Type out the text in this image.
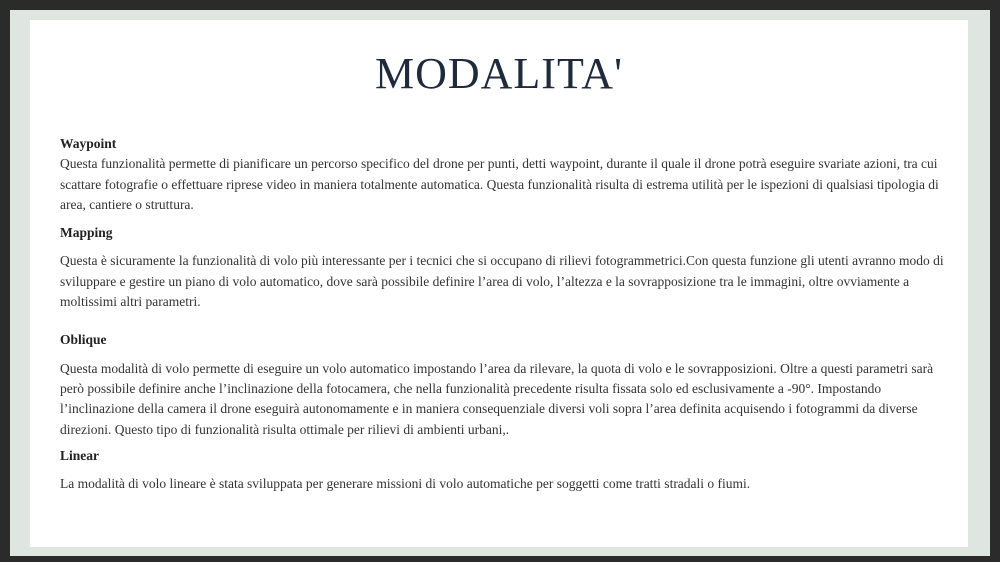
MODALITA'

Waypoint

Questa funzionalità permette di pianificare un percorso specifico del drone per punti, detti waypoint, durante il quale il drone potrà eseguire svariate azioni, tra cui scattare fotografie o effettuare riprese video in maniera totalmente automatica. Questa funzionalità risulta di estrema utilità per le ispezioni di qualsiasi tipologia di area, cantiere o struttura.

Mapping

Questa è sicuramente la funzionalità di volo più interessante per i tecnici che si occupano di rilievi fotogrammetrici.Con questa funzione gli utenti avranno modo di sviluppare e gestire un piano di volo automatico, dove sarà possibile definire l’area di volo, l’altezza e la sovrapposizione tra le immagini, oltre ovviamente a moltissimi altri parametri.

Oblique

Questa modalità di volo permette di eseguire un volo automatico impostando l’area da rilevare, la quota di volo e le sovrapposizioni. Oltre a questi parametri sarà però possibile definire anche l’inclinazione della fotocamera, che nella funzionalità precedente risulta fissata solo ed esclusivamente a -90°. Impostando l’inclinazione della camera il drone eseguirà autonomamente e in maniera consequenziale diversi voli sopra l’area definita acquisendo i fotogrammi da diverse direzioni. Questo tipo di funzionalità risulta ottimale per rilievi di ambienti urbani,.

Linear

La modalità di volo lineare è stata sviluppata per generare missioni di volo automatiche per soggetti come tratti stradali o fiumi.
